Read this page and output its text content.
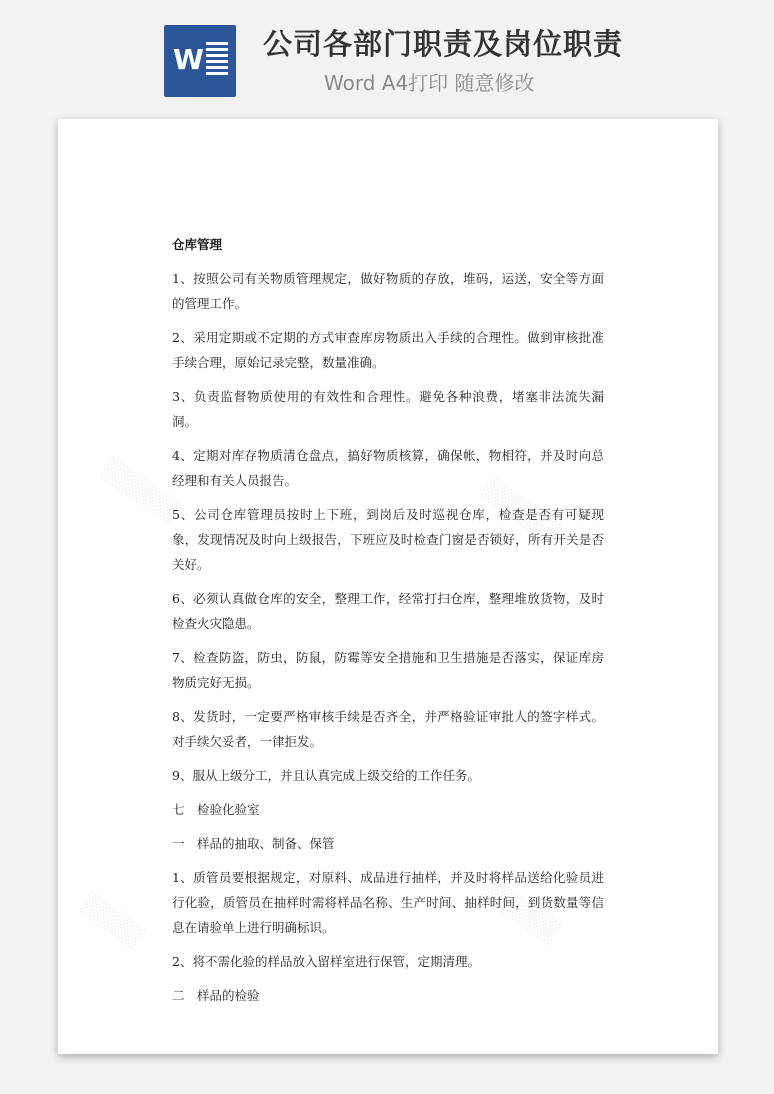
W 公司各部门职责及岗位职责
Word A4打印 随意修改
▒▒▒▒▒	▒▒▒▒▒
▒▒▒▒	▒▒▒▒▒
仓库管理

1、按照公司有关物质管理规定，做好物质的存放，堆码，运送，安全等方面的管理工作。

2、采用定期或不定期的方式审查库房物质出入手续的合理性。做到审核批准手续合理，原始记录完整，数量准确。

3、负责监督物质使用的有效性和合理性。避免各种浪费，堵塞非法流失漏洞。

4、定期对库存物质清仓盘点，搞好物质核算，确保帐，物相符，并及时向总经理和有关人员报告。

5、公司仓库管理员按时上下班，到岗后及时巡视仓库，检查是否有可疑现象，发现情况及时向上级报告，下班应及时检查门窗是否锁好，所有开关是否关好。

6、必须认真做仓库的安全，整理工作，经常打扫仓库，整理堆放货物，及时检查火灾隐患。

7、检查防盗，防虫，防鼠，防霉等安全措施和卫生措施是否落实，保证库房物质完好无损。

8、发货时，一定要严格审核手续是否齐全，并严格验证审批人的签字样式。对手续欠妥者，一律拒发。

9、服从上级分工，并且认真完成上级交给的工作任务。

七　检验化验室

一　样品的抽取、制备、保管

1、质管员要根据规定，对原料、成品进行抽样，并及时将样品送给化验员进行化验，质管员在抽样时需将样品名称、生产时间、抽样时间，到货数量等信息在请验单上进行明确标识。

2、将不需化验的样品放入留样室进行保管，定期清理。

二　样品的检验
